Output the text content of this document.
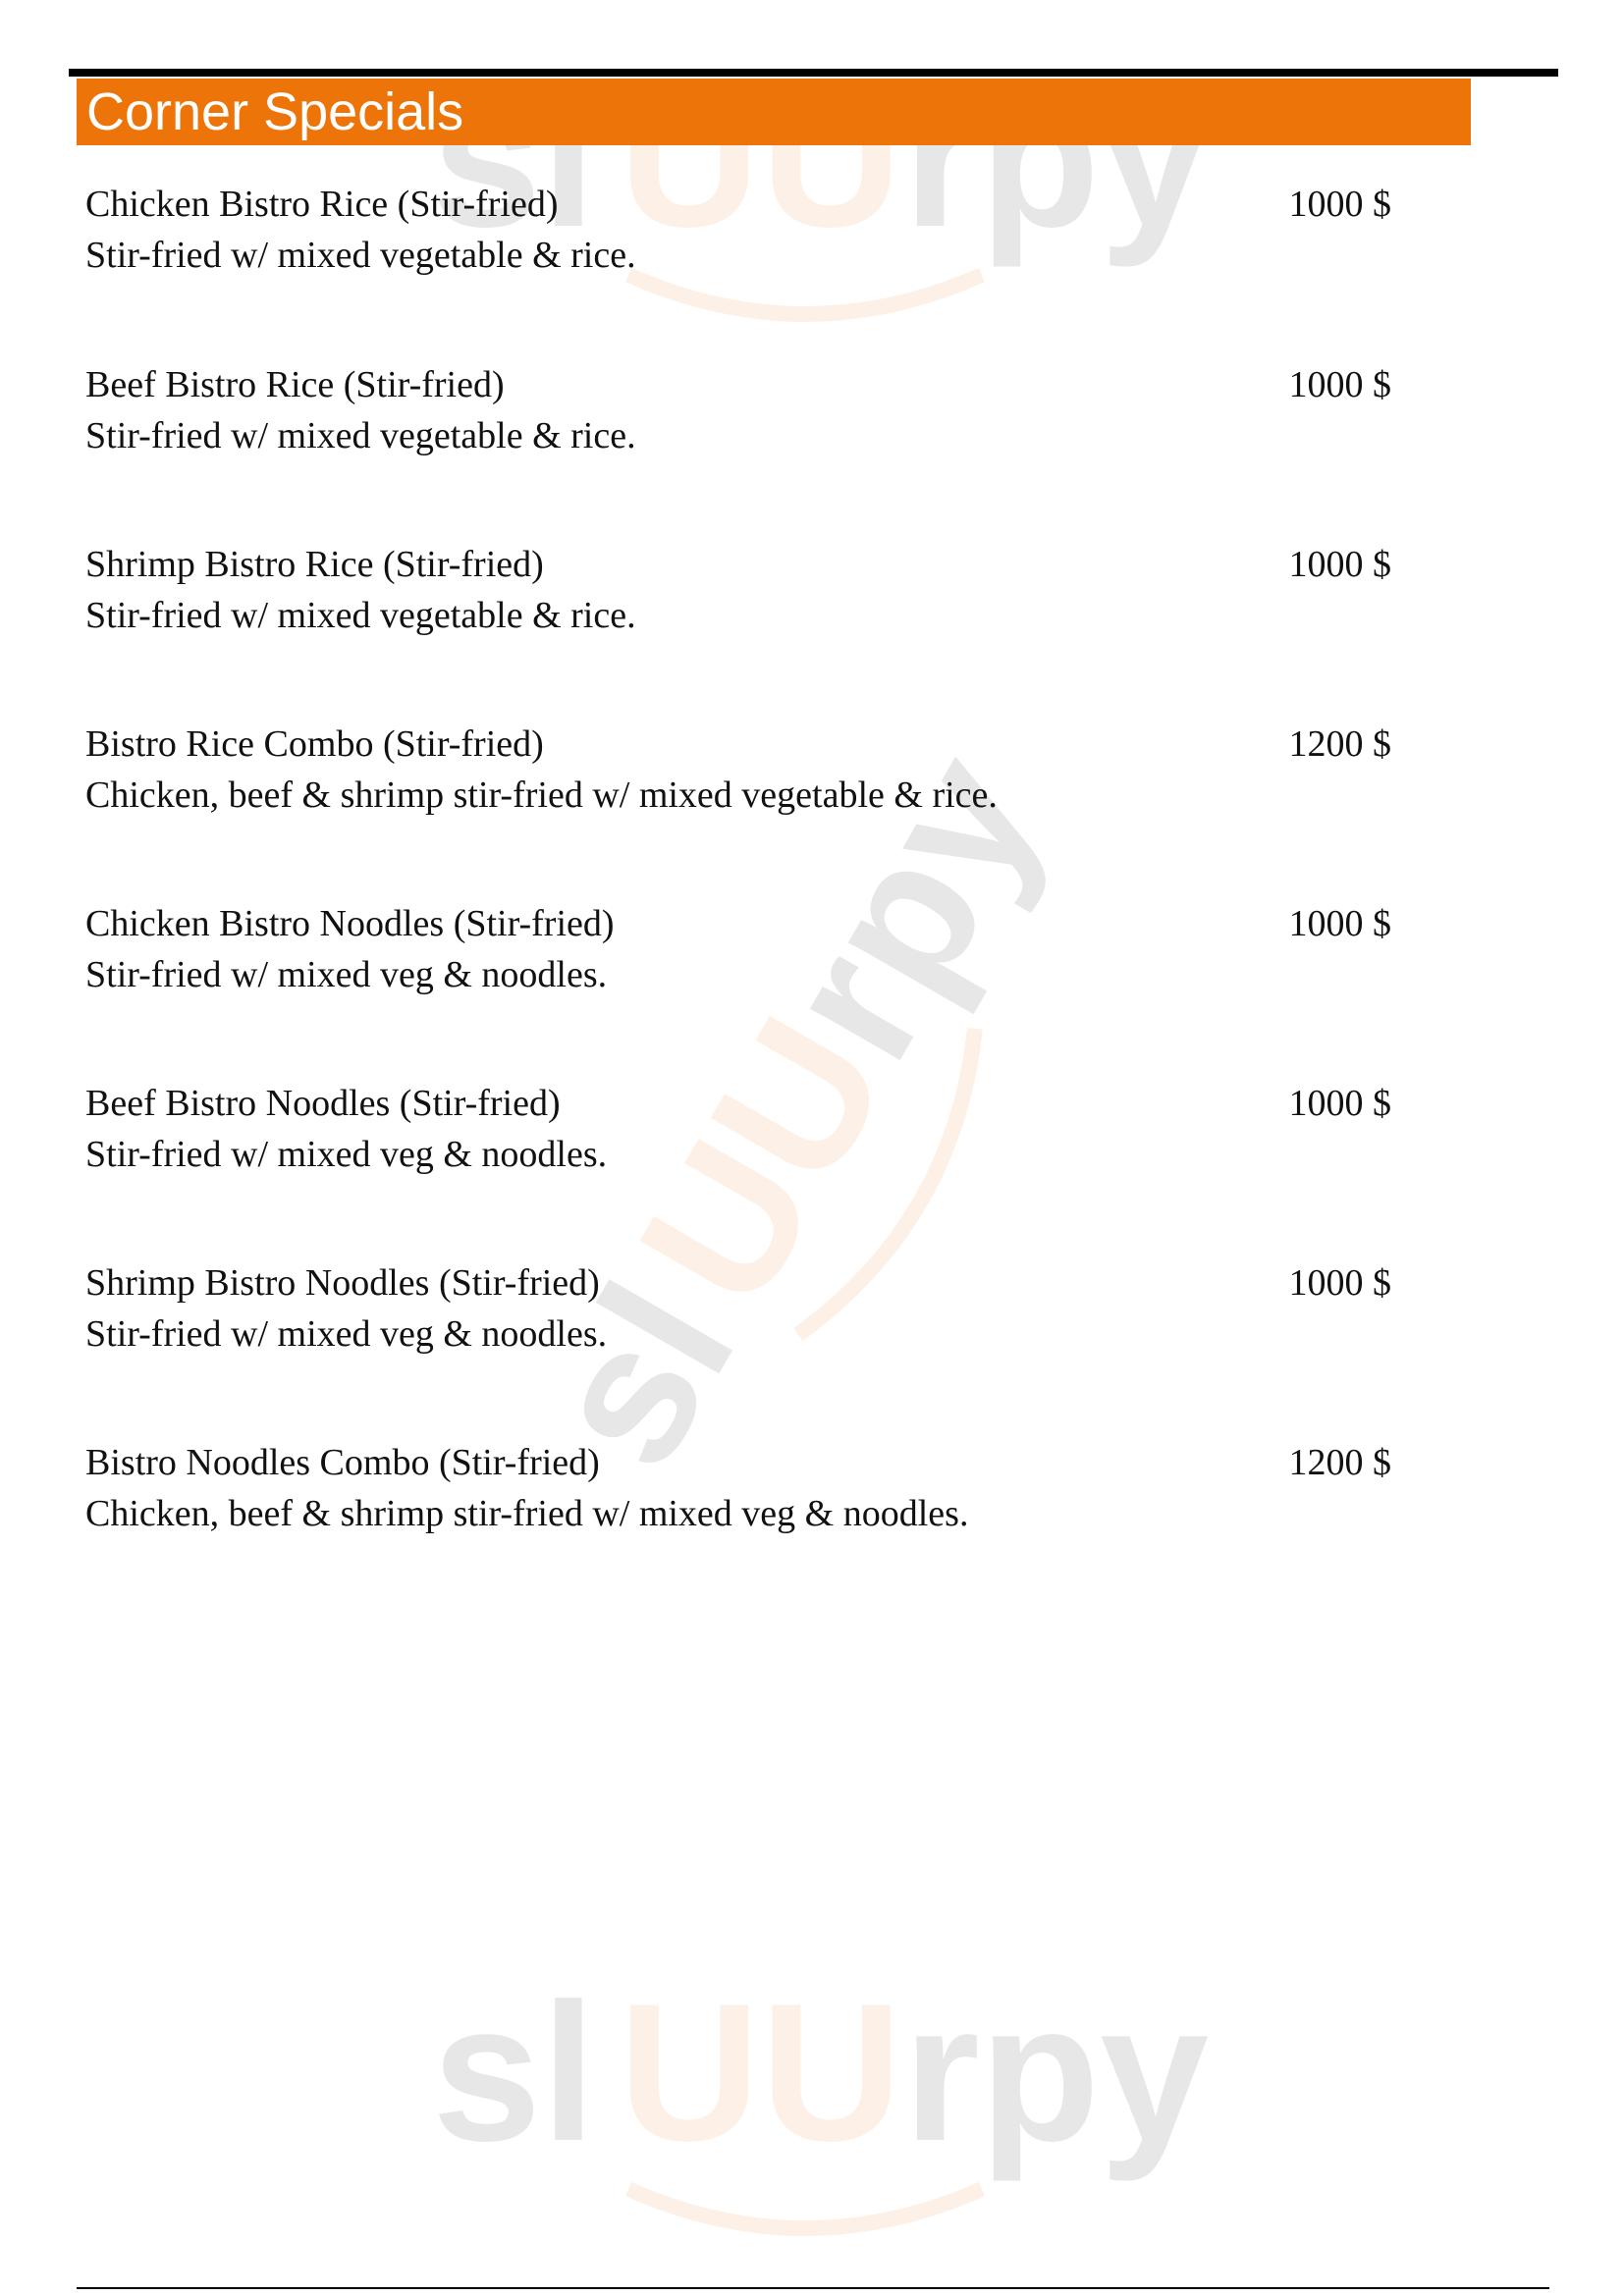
sl UU rpy
sl
UU
rpy
sl UU rpy
Corner Specials
Chicken Bistro Rice (Stir-fried)
Stir-fried w/ mixed vegetable & rice.
1000 $
Beef Bistro Rice (Stir-fried)
Stir-fried w/ mixed vegetable & rice.
1000 $
Shrimp Bistro Rice (Stir-fried)
Stir-fried w/ mixed vegetable & rice.
1000 $
Bistro Rice Combo (Stir-fried)
Chicken, beef & shrimp stir-fried w/ mixed vegetable & rice.
1200 $
Chicken Bistro Noodles (Stir-fried)
Stir-fried w/ mixed veg & noodles.
1000 $
Beef Bistro Noodles (Stir-fried)
Stir-fried w/ mixed veg & noodles.
1000 $
Shrimp Bistro Noodles (Stir-fried)
Stir-fried w/ mixed veg & noodles.
1000 $
Bistro Noodles Combo (Stir-fried)
Chicken, beef & shrimp stir-fried w/ mixed veg & noodles.
1200 $
